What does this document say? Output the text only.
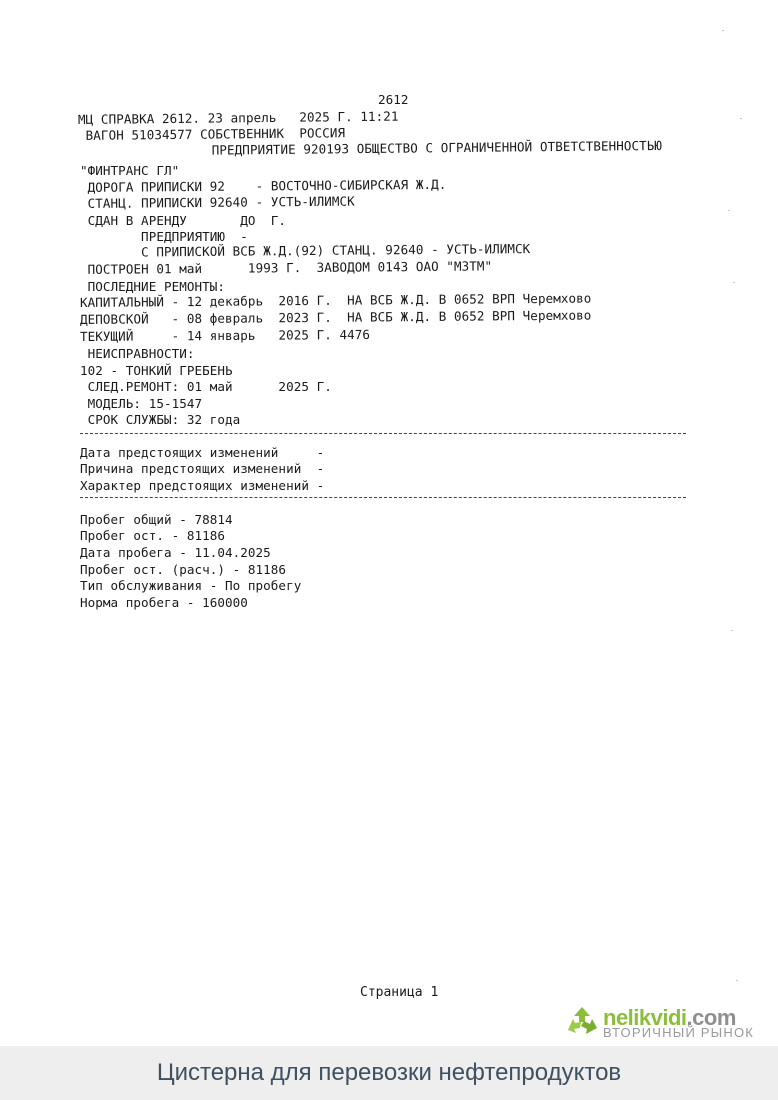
2612
МЦ СПРАВКА 2612. 23 апрель   2025 Г. 11:21
ВАГОН 51034577 СОБСТВЕННИК  РОССИЯ
ПРЕДПРИЯТИЕ 920193 ОБЩЕСТВО С ОГРАНИЧЕННОЙ ОТВЕТСТВЕННОСТЬЮ
"ФИНТРАНС ГЛ"
ДОРОГА ПРИПИСКИ 92    - ВОСТОЧНО-СИБИРСКАЯ Ж.Д.
СТАНЦ. ПРИПИСКИ 92640 - УСТЬ-ИЛИМСК
СДАН В АРЕНДУ       ДО  Г.
ПРЕДПРИЯТИЮ  -
С ПРИПИСКОЙ ВСБ Ж.Д.(92) СТАНЦ. 92640 - УСТЬ-ИЛИМСК
ПОСТРОЕН 01 май      1993 Г.  ЗАВОДОМ 0143 ОАО "МЗТМ"
ПОСЛЕДНИЕ РЕМОНТЫ:
КАПИТАЛЬНЫЙ - 12 декабрь  2016 Г.  НА ВСБ Ж.Д. В 0652 ВРП Черемхово
ДЕПОВСКОЙ   - 08 февраль  2023 Г.  НА ВСБ Ж.Д. В 0652 ВРП Черемхово
ТЕКУЩИЙ     - 14 январь   2025 Г. 4476
НЕИСПРАВНОСТИ:
102 - ТОНКИЙ ГРЕБЕНЬ
СЛЕД.РЕМОНТ: 01 май      2025 Г.
МОДЕЛЬ: 15-1547
СРОК СЛУЖБЫ: 32 года
Дата предстоящих изменений     -
Причина предстоящих изменений  -
Характер предстоящих изменений -
Пробег общий - 78814
Пробег ост. - 81186
Дата пробега - 11.04.2025
Пробег ост. (расч.) - 81186
Тип обслуживания - По пробегу
Норма пробега - 160000
Страница 1
nelikvidi.com
ВТОРИЧНЫЙ РЫНОК
Цистерна для перевозки нефтепродуктов
